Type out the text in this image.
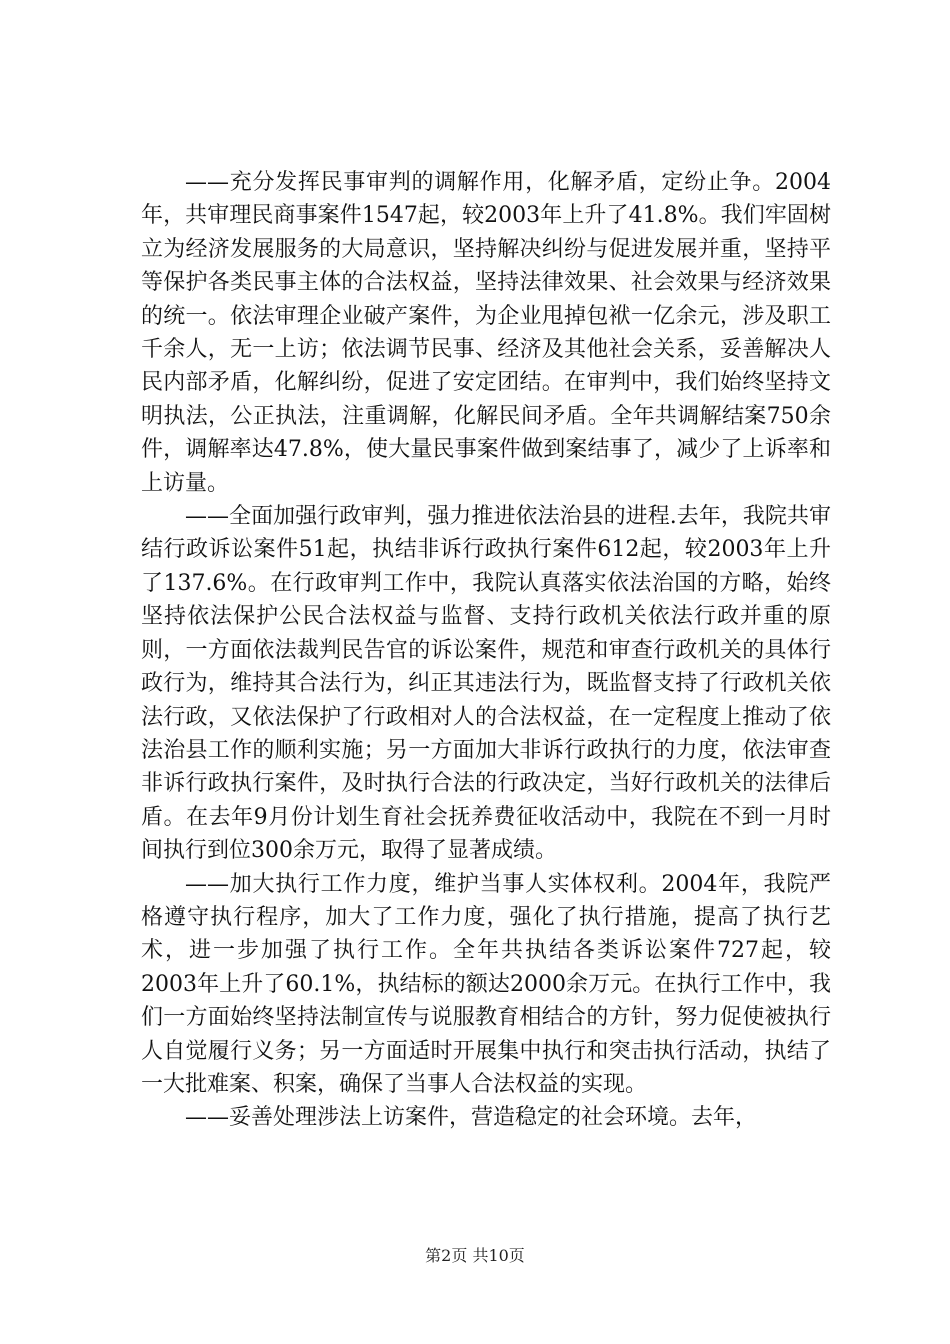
——充分发挥民事审判的调解作用，化解矛盾，定纷止争。2004年，共审理民商事案件1547起，较2003年上升了41.8%。我们牢固树立为经济发展服务的大局意识，坚持解决纠纷与促进发展并重，坚持平等保护各类民事主体的合法权益，坚持法律效果、社会效果与经济效果的统一。依法审理企业破产案件，为企业甩掉包袱一亿余元，涉及职工千余人，无一上访；依法调节民事、经济及其他社会关系，妥善解决人民内部矛盾，化解纠纷，促进了安定团结。在审判中，我们始终坚持文明执法，公正执法，注重调解，化解民间矛盾。全年共调解结案750余件，调解率达47.8%，使大量民事案件做到案结事了，减少了上诉率和上访量。

——全面加强行政审判，强力推进依法治县的进程.去年，我院共审结行政诉讼案件51起，执结非诉行政执行案件612起，较2003年上升了137.6%。在行政审判工作中，我院认真落实依法治国的方略，始终坚持依法保护公民合法权益与监督、支持行政机关依法行政并重的原则，一方面依法裁判民告官的诉讼案件，规范和审查行政机关的具体行政行为，维持其合法行为，纠正其违法行为，既监督支持了行政机关依法行政，又依法保护了行政相对人的合法权益，在一定程度上推动了依法治县工作的顺利实施；另一方面加大非诉行政执行的力度，依法审查非诉行政执行案件，及时执行合法的行政决定，当好行政机关的法律后盾。在去年9月份计划生育社会抚养费征收活动中，我院在不到一月时间执行到位300余万元，取得了显著成绩。

——加大执行工作力度，维护当事人实体权利。2004年，我院严格遵守执行程序，加大了工作力度，强化了执行措施，提高了执行艺术，进一步加强了执行工作。全年共执结各类诉讼案件727起，较2003年上升了60.1%，执结标的额达2000余万元。在执行工作中，我们一方面始终坚持法制宣传与说服教育相结合的方针，努力促使被执行人自觉履行义务；另一方面适时开展集中执行和突击执行活动，执结了一大批难案、积案，确保了当事人合法权益的实现。

——妥善处理涉法上访案件，营造稳定的社会环境。去年，

第2页 共10页
